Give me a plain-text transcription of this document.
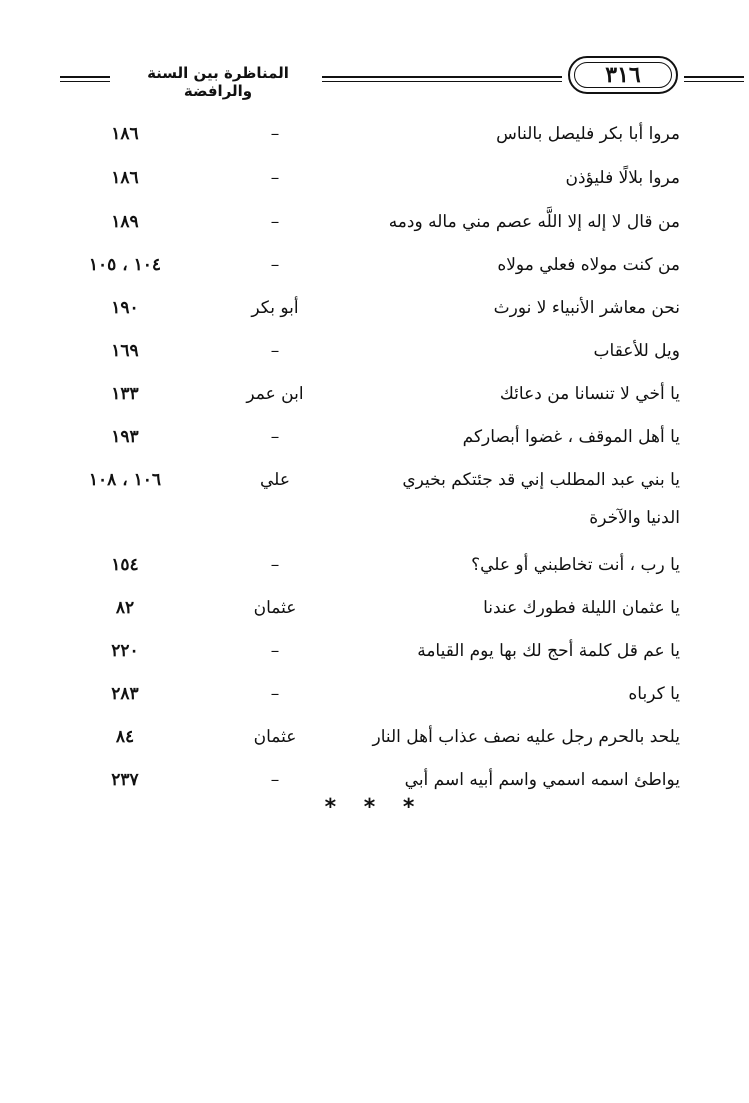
المناظرة بين السنة والرافضة
٣١٦
مروا أبا بكر فليصل بالناس
–
١٨٦
مروا بلالًا فليؤذن
–
١٨٦
من قال لا إله إلا اللَّه عصم مني ماله ودمه
–
١٨٩
من كنت مولاه فعلي مولاه
–
١٠٤ ، ١٠٥
نحن معاشر الأنبياء لا نورث
أبو بكر
١٩٠
ويل للأعقاب
–
١٦٩
يا أخي لا تنسانا من دعائك
ابن عمر
١٣٣
يا أهل الموقف ، غضوا أبصاركم
–
١٩٣
يا بني عبد المطلب إني قد جئتكم بخيري الدنيا والآخرة
علي
١٠٦ ، ١٠٨
يا رب ، أنت تخاطبني أو علي؟
–
١٥٤
يا عثمان الليلة فطورك عندنا
عثمان
٨٢
يا عم قل كلمة أحج لك بها يوم القيامة
–
٢٢٠
يا كرباه
–
٢٨٣
يلحد بالحرم رجل عليه نصف عذاب أهل النار
عثمان
٨٤
يواطئ اسمه اسمي واسم أبيه اسم أبي
–
٢٣٧
* * *
